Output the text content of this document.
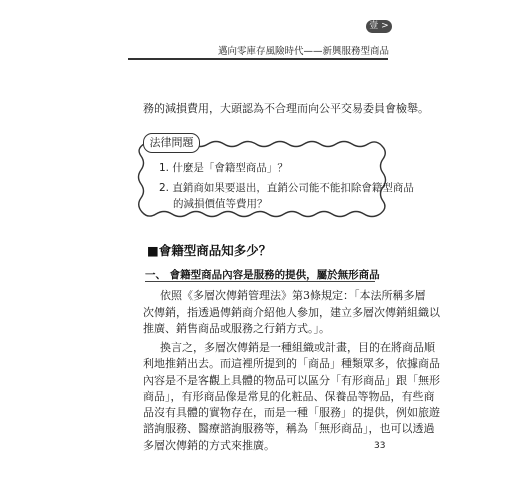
壹 >
邁向零庫存風險時代——新興服務型商品
務的減損費用，大頭認為不合理而向公平交易委員會檢舉。
法律問題
1. 什麼是「會籍型商品」？
2. 直銷商如果要退出，直銷公司能不能扣除會籍型商品
的減損價值等費用？
■會籍型商品知多少？
一、 會籍型商品內容是服務的提供，屬於無形商品
依照《多層次傳銷管理法》第3條規定：「本法所稱多層
次傳銷，指透過傳銷商介紹他人參加，建立多層次傳銷組織以
推廣、銷售商品或服務之行銷方式。」。
換言之，多層次傳銷是一種組織或計畫，目的在將商品順
利地推銷出去。而這裡所提到的「商品」種類眾多，依據商品
內容是不是客觀上具體的物品可以區分「有形商品」跟「無形
商品」，有形商品像是常見的化粧品、保養品等物品，有些商
品沒有具體的實物存在，而是一種「服務」的提供，例如旅遊
諮詢服務、醫療諮詢服務等，稱為「無形商品」，也可以透過
多層次傳銷的方式來推廣。	33
